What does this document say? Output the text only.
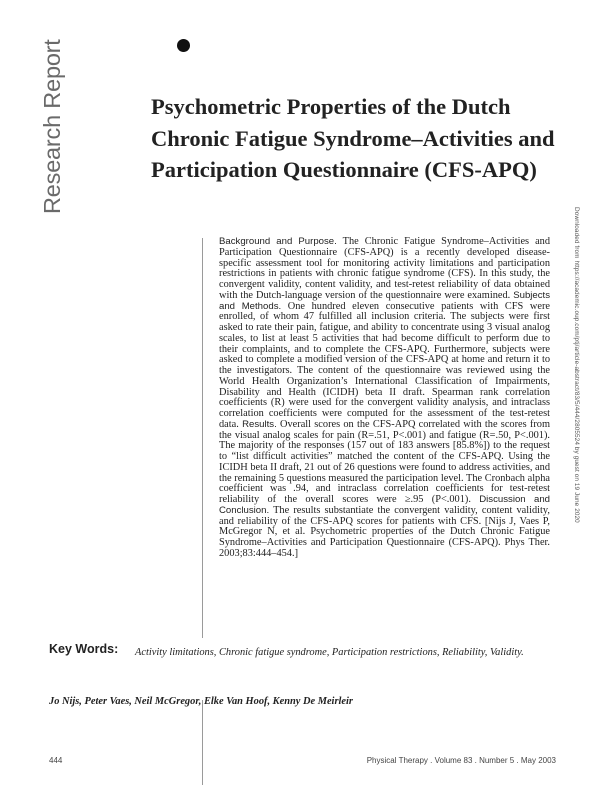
Research Report	Psychometric Properties of the Dutch Chronic Fatigue Syndrome–Activities and Participation Questionnaire (CFS-APQ)
Background and Purpose. The Chronic Fatigue Syndrome–Activities and Participation Questionnaire (CFS-APQ) is a recently developed disease-specific assessment tool for monitoring activity limitations and participation restrictions in patients with chronic fatigue syndrome (CFS). In this study, the convergent validity, content validity, and test-retest reliability of data obtained with the Dutch-language version of the questionnaire were examined. Subjects and Methods. One hundred eleven consecutive patients with CFS were enrolled, of whom 47 fulfilled all inclusion criteria. The subjects were first asked to rate their pain, fatigue, and ability to concentrate using 3 visual analog scales, to list at least 5 activities that had become difficult to perform due to their complaints, and to complete the CFS-APQ. Furthermore, subjects were asked to complete a modified version of the CFS-APQ at home and return it to the investigators. The content of the questionnaire was reviewed using the World Health Organization’s International Classification of Impairments, Disability and Health (ICIDH) beta II draft. Spearman rank correlation coefficients (R) were used for the convergent validity analysis, and intraclass correlation coefficients were computed for the assessment of the test-retest data. Results. Overall scores on the CFS-APQ correlated with the scores from the visual analog scales for pain (R=.51, P<.001) and fatigue (R=.50, P<.001). The majority of the responses (157 out of 183 answers [85.8%]) to the request to “list difficult activities” matched the content of the CFS-APQ. Using the ICIDH beta II draft, 21 out of 26 questions were found to address activities, and the remaining 5 questions measured the participation level. The Cronbach alpha coefficient was .94, and intraclass correlation coefficients for test-retest reliability of the overall scores were ≥.95 (P<.001). Discussion and Conclusion. The results substantiate the convergent validity, content validity, and reliability of the CFS-APQ scores for patients with CFS. [Nijs J, Vaes P, McGregor N, et al. Psychometric properties of the Dutch Chronic Fatigue Syndrome–Activities and Participation Questionnaire (CFS-APQ). Phys Ther. 2003;83:444–454.]
Downloaded from https://academic.oup.com/ptj/article-abstract/83/5/444/2805524 by guest on 19 June 2020
Key Words: Activity limitations, Chronic fatigue syndrome, Participation restrictions, Reliability, Validity.
Jo Nijs, Peter Vaes, Neil McGregor, Elke Van Hoof, Kenny De Meirleir
444	Physical Therapy . Volume 83 . Number 5 . May 2003
